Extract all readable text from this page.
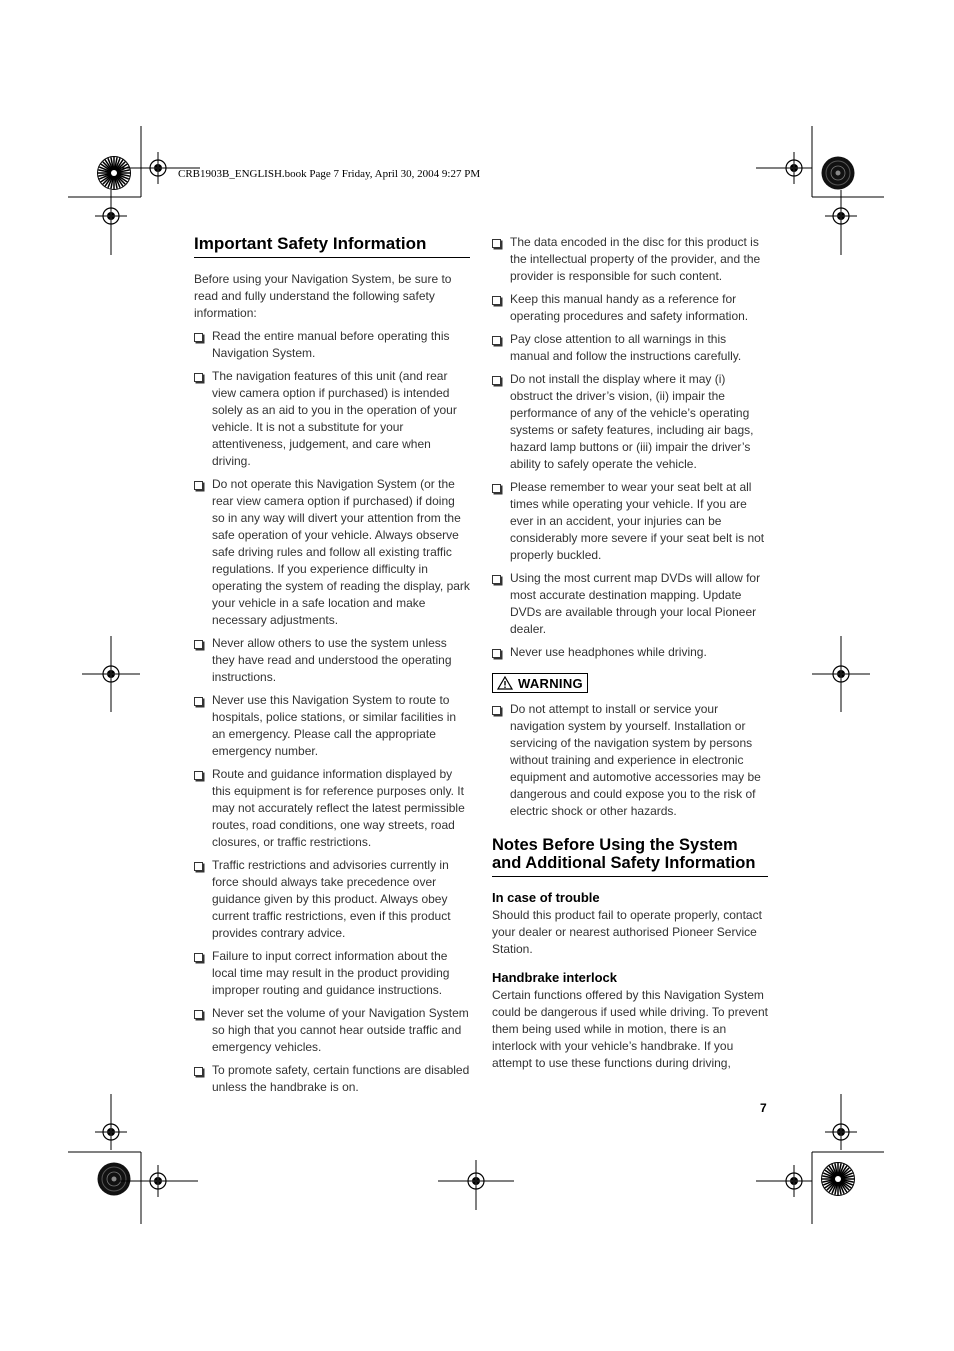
CRB1903B_ENGLISH.book Page 7 Friday, April 30, 2004 9:27 PM
Important Safety Information

Before using your Navigation System, be sure to read and fully understand the following safety information:

Read the entire manual before operating this Navigation System.
The navigation features of this unit (and rear view camera option if purchased) is intended solely as an aid to you in the operation of your vehicle. It is not a substitute for your attentiveness, judgement, and care when driving.
Do not operate this Navigation System (or the rear view camera option if purchased) if doing so in any way will divert your attention from the safe operation of your vehicle. Always observe safe driving rules and follow all existing traffic regulations. If you experience difficulty in operating the system of reading the display, park your vehicle in a safe location and make necessary adjustments.
Never allow others to use the system unless they have read and understood the operating instructions.
Never use this Navigation System to route to hospitals, police stations, or similar facilities in an emergency. Please call the appropriate emergency number.
Route and guidance information displayed by this equipment is for reference purposes only. It may not accurately reflect the latest permissible routes, road conditions, one way streets, road closures, or traffic restrictions.
Traffic restrictions and advisories currently in force should always take precedence over guidance given by this product. Always obey current traffic restrictions, even if this product provides contrary advice.
Failure to input correct information about the local time may result in the product providing improper routing and guidance instructions.
Never set the volume of your Navigation System so high that you cannot hear outside traffic and emergency vehicles.
To promote safety, certain functions are disabled unless the handbrake is on.
The data encoded in the disc for this product is the intellectual property of the provider, and the provider is responsible for such content.
Keep this manual handy as a reference for operating procedures and safety information.
Pay close attention to all warnings in this manual and follow the instructions carefully.
Do not install the display where it may (i) obstruct the driver’s vision, (ii) impair the performance of any of the vehicle’s operating systems or safety features, including air bags, hazard lamp buttons or (iii) impair the driver’s ability to safely operate the vehicle.
Please remember to wear your seat belt at all times while operating your vehicle. If you are ever in an accident, your injuries can be considerably more severe if your seat belt is not properly buckled.
Using the most current map DVDs will allow for most accurate destination mapping. Update DVDs are available through your local Pioneer dealer.
Never use headphones while driving.
WARNING
Do not attempt to install or service your navigation system by yourself. Installation or servicing of the navigation system by persons without training and experience in electronic equipment and automotive accessories may be dangerous and could expose you to the risk of electric shock or other hazards.
Notes Before Using the System and Additional Safety Information
In case of trouble

Should this product fail to operate properly, contact your dealer or nearest authorised Pioneer Service Station.

Handbrake interlock

Certain functions offered by this Navigation System could be dangerous if used while driving. To prevent them being used while in motion, there is an interlock with your vehicle’s handbrake. If you attempt to use these functions during driving,

7
